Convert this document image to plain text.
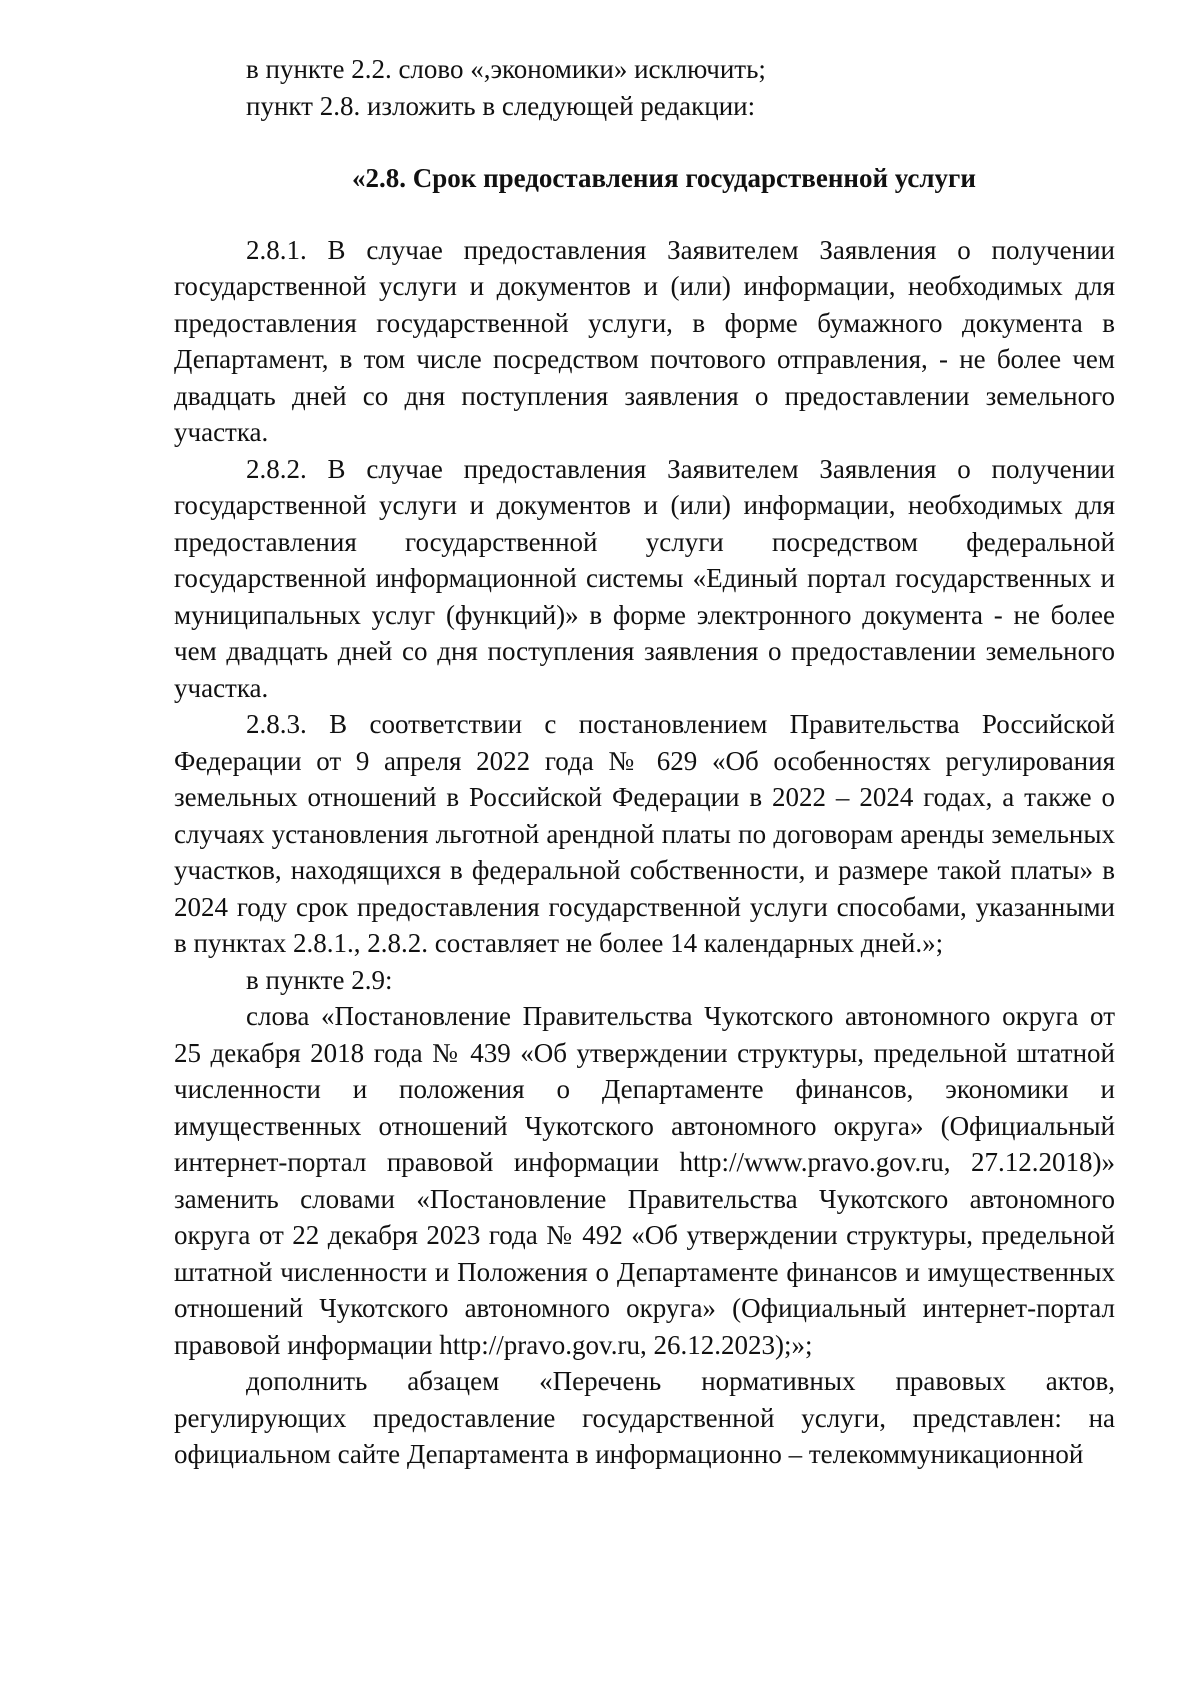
в пункте 2.2. слово «,экономики» исключить;

пункт 2.8. изложить в следующей редакции:

«2.8. Срок предоставления государственной услуги

2.8.1. В случае предоставления Заявителем Заявления о получении государственной услуги и документов и (или) информации, необходимых для предоставления государственной услуги, в форме бумажного документа в Департамент, в том числе посредством почтового отправления, - не более чем двадцать дней со дня поступления заявления о предоставлении земельного участка.

2.8.2. В случае предоставления Заявителем Заявления о получении государственной услуги и документов и (или) информации, необходимых для предоставления государственной услуги посредством федеральной государственной информационной системы «Единый портал государственных и муниципальных услуг (функций)» в форме электронного документа - не более чем двадцать дней со дня поступления заявления о предоставлении земельного участка.

2.8.3. В соответствии с постановлением Правительства Российской Федерации от 9 апреля 2022 года № 629 «Об особенностях регулирования земельных отношений в Российской Федерации в 2022 – 2024 годах, а также о случаях установления льготной арендной платы по договорам аренды земельных участков, находящихся в федеральной собственности, и размере такой платы» в 2024 году срок предоставления государственной услуги способами, указанными в пунктах 2.8.1., 2.8.2. составляет не более 14 календарных дней.»;

в пункте 2.9:

слова «Постановление Правительства Чукотского автономного округа от 25 декабря 2018 года № 439 «Об утверждении структуры, предельной штатной численности и положения о Департаменте финансов, экономики и имущественных отношений Чукотского автономного округа» (Официальный интернет-портал правовой информации http://www.pravo.gov.ru, 27.12.2018)» заменить словами «Постановление Правительства Чукотского автономного округа от 22 декабря 2023 года № 492 «Об утверждении структуры, предельной штатной численности и Положения о Департаменте финансов и имущественных отношений Чукотского автономного округа» (Официальный интернет-портал правовой информации http://pravo.gov.ru, 26.12.2023);»;

дополнить абзацем «Перечень нормативных правовых актов, регулирующих предоставление государственной услуги, представлен: на официальном сайте Департамента в информационно – телекоммуникационной
